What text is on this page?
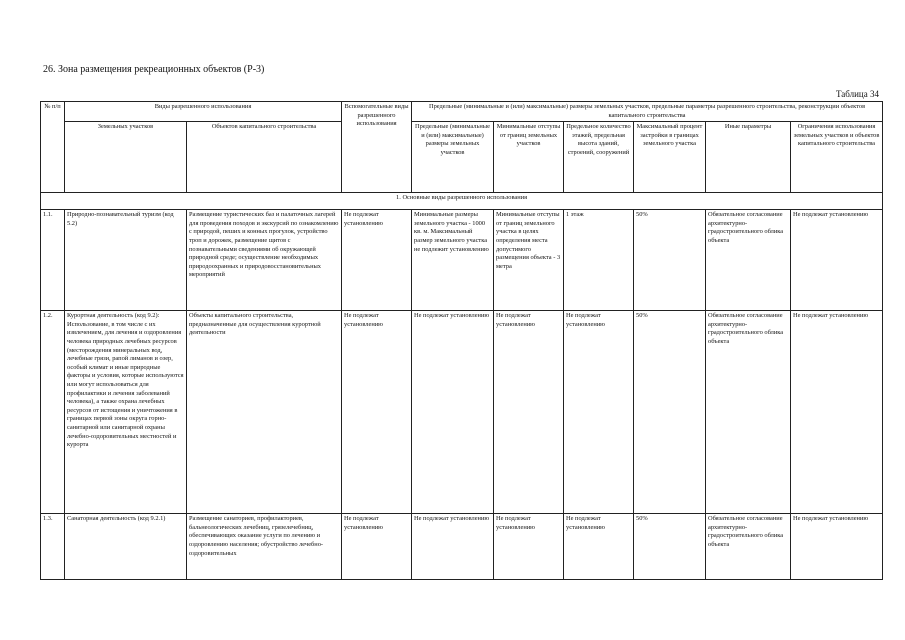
26. Зона размещения рекреационных объектов (Р-3)
Таблица 34
№ п/п	Виды разрешенного использования		Вспомогательные виды разрешенного использования	Предельные (минимальные и (или) максимальные) размеры земельных участков, предельные параметры разрешенного строительства, реконструкции объектов капитального строительства					
	Земельных участков	Объектов капитального строительства		Предельные (минимальные и (или) максимальные) размеры земельных участков	Минимальные отступы от границ земельных участков	Предельное количество этажей, предельная высота зданий, строений, сооружений	Максимальный процент застройки в границах земельного участка	Иные параметры	Ограничения использования земельных участков и объектов капитального строительства
1. Основные виды разрешенного использования									
1.1.	Природно-познавательный туризм (код 5.2)	Размещение туристических баз и палаточных лагерей для проведения походов и экскурсий по ознакомлению с природой, пеших и конных прогулок, устройство троп и дорожек, размещение щитов с познавательными сведениями об окружающей природной среде; осуществление необходимых природоохранных и природовосстановительных мероприятий	Не подлежат установлению	Минимальные размеры земельного участка - 1000 кв. м. Максимальный размер земельного участка не подлежит установлению	Минимальные отступы от границ земельного участка в целях определения места допустимого размещения объекта - 3 метра	1 этаж	50%	Обязательное согласование архитектурно-градостроительного облика объекта	Не подлежат установлению
1.2.	Курортная деятельность (код 9.2): Использование, в том числе с их извлечением, для лечения и оздоровления человека природных лечебных ресурсов (месторождения минеральных вод, лечебные грязи, рапой лиманов и озер, особый климат и иные природные факторы и условия, которые используются или могут использоваться для профилактики и лечения заболеваний человека), а также охрана лечебных ресурсов от истощения и уничтожения в границах первой зоны округа горно-санитарной или санитарной охраны лечебно-оздоровительных местностей и курорта	Объекты капитального строительства, предназначенные для осуществления курортной деятельности	Не подлежат установлению	Не подлежат установлению	Не подлежат установлению	Не подлежат установлению	50%	Обязательное согласование архитектурно-градостроительного облика объекта	Не подлежат установлению
1.3.	Санаторная деятельность (код 9.2.1)	Размещение санаториев, профилакториев, бальнеологических лечебниц, грязелечебниц, обеспечивающих оказание услуги по лечению и оздоровлению населения; обустройство лечебно-оздоровительных	Не подлежат установлению	Не подлежат установлению	Не подлежат установлению	Не подлежат установлению	50%	Обязательное согласование архитектурно-градостроительного облика объекта	Не подлежат установлению
